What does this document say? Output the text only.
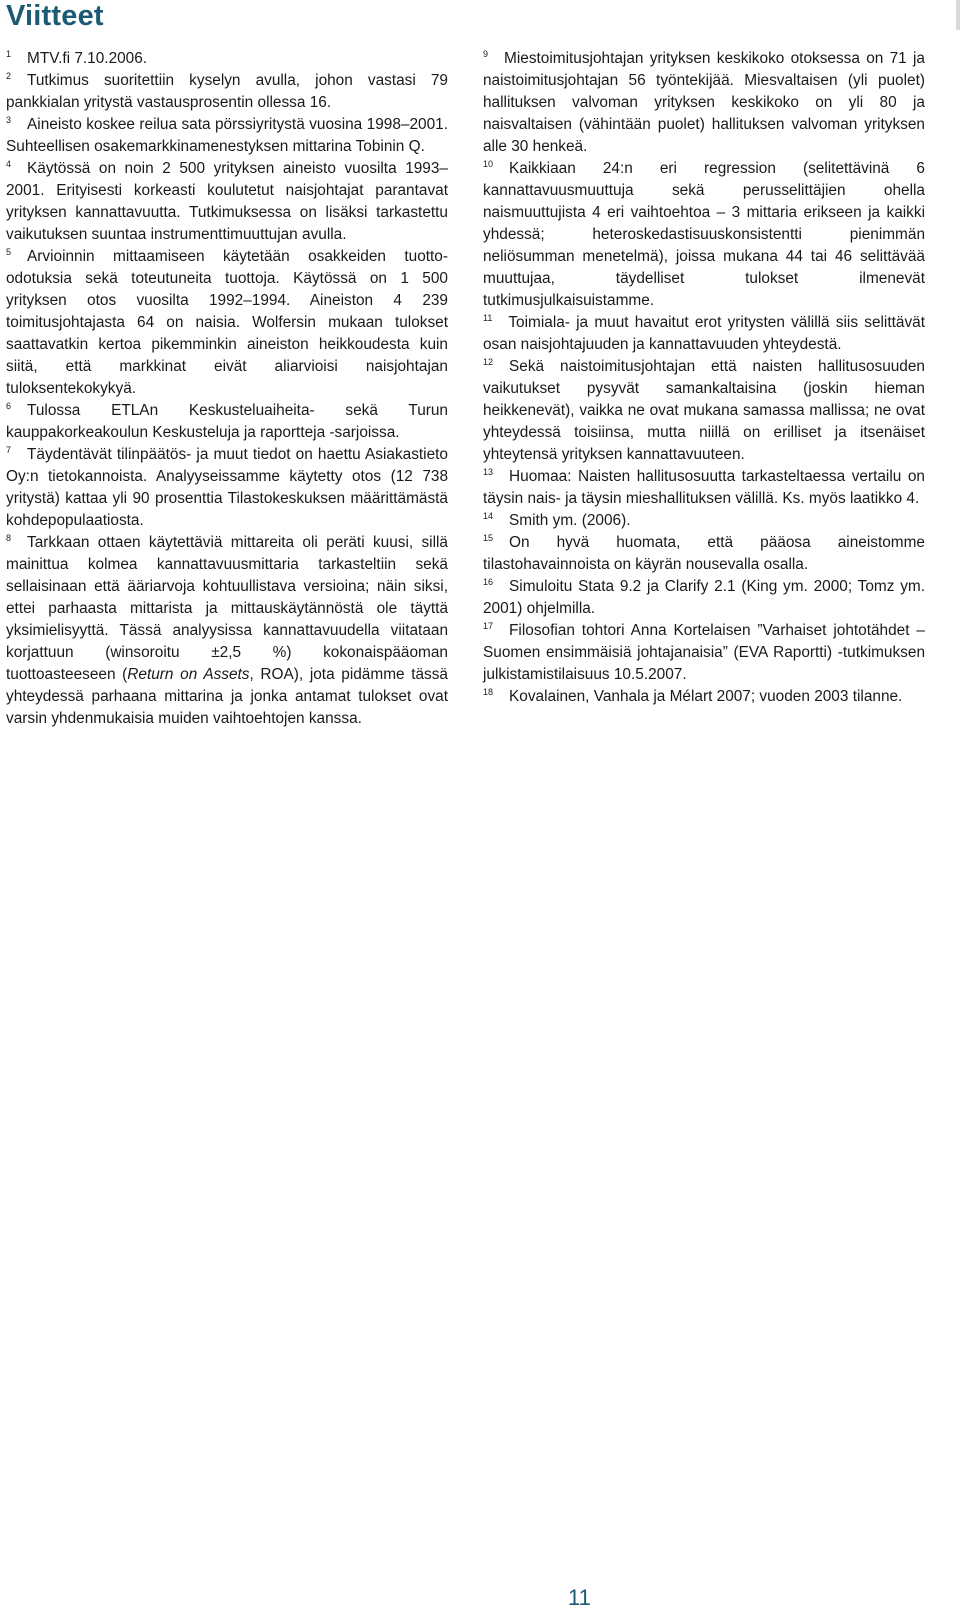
Viitteet

$^1$ MTV.fi 7.10.2006.

$^2$ Tutkimus suoritettiin kyselyn avulla, johon vastasi 79 pankkialan yritystä vastausprosentin ollessa 16.

$^3$ Aineisto koskee reilua sata pörssiyritystä vuosina 1998–2001. Suhteellisen osakemarkkinamenestyksen mittarina Tobinin Q.

$^4$ Käytössä on noin 2 500 yrityksen aineisto vuosilta 1993–2001. Erityisesti korkeasti koulutetut naisjohtajat parantavat yrityksen kannattavuutta. Tutkimuksessa on lisäksi tarkastettu vaikutuksen suuntaa instrumenttimuuttujan avulla.

$^5$ Arvioinnin mittaamiseen käytetään osakkeiden tuotto-odotuksia sekä toteutuneita tuottoja. Käytössä on 1 500 yrityksen otos vuosilta 1992–1994. Aineiston 4 239 toimitusjohtajasta 64 on naisia. Wolfersin mukaan tulokset saattavatkin kertoa pikemminkin aineiston heikkoudesta kuin siitä, että markkinat eivät aliarvioisi naisjohtajan tuloksentekokykyä.

$^6$ Tulossa ETLAn Keskusteluaiheita- sekä Turun kauppakorkeakoulun Keskusteluja ja raportteja -sarjoissa.

$^7$ Täydentävät tilinpäätös- ja muut tiedot on haettu Asiakastieto Oy:n tietokannoista. Analyyseissamme käytetty otos (12 738 yritystä) kattaa yli 90 prosenttia Tilastokeskuksen määrittämästä kohdepopulaatiosta.

$^8$ Tarkkaan ottaen käytettäviä mittareita oli peräti kuusi, sillä mainittua kolmea kannattavuusmittaria tarkasteltiin sekä sellaisinaan että ääriarvoja kohtuullistava versioina; näin siksi, ettei parhaasta mittarista ja mittauskäytännöstä ole täyttä yksimielisyyttä. Tässä analyysissa kannattavuudella viitataan korjattuun (winsoroitu ±2,5 %) kokonaispääoman tuottoasteeseen (Return on Assets, ROA), jota pidämme tässä yhteydessä parhaana mittarina ja jonka antamat tulokset ovat varsin yhdenmukaisia muiden vaihtoehtojen kanssa.

$^9$ Miestoimitusjohtajan yrityksen keskikoko otoksessa on 71 ja naistoimitusjohtajan 56 työntekijää. Miesvaltaisen (yli puolet) hallituksen valvoman yrityksen keskikoko on yli 80 ja naisvaltaisen (vähintään puolet) hallituksen valvoman yrityksen alle 30 henkeä.

$^{10}$ Kaikkiaan 24:n eri regression (selitettävinä 6 kannattavuusmuuttuja sekä perusselittäjien ohella naismuuttujista 4 eri vaihtoehtoa – 3 mittaria erikseen ja kaikki yhdessä; heteroskedastisuuskonsistentti pienimmän neliösumman menetelmä), joissa mukana 44 tai 46 selittävää muuttujaa, täydelliset tulokset ilmenevät tutkimusjulkaisuistamme.

$^{11}$ Toimiala- ja muut havaitut erot yritysten välillä siis selittävät osan naisjohtajuuden ja kannattavuuden yhteydestä.

$^{12}$ Sekä naistoimitusjohtajan että naisten hallitusosuuden vaikutukset pysyvät samankaltaisina (joskin hieman heikkenevät), vaikka ne ovat mukana samassa mallissa; ne ovat yhteydessä toisiinsa, mutta niillä on erilliset ja itsenäiset yhteytensä yrityksen kannattavuuteen.

$^{13}$ Huomaa: Naisten hallitusosuutta tarkasteltaessa vertailu on täysin nais- ja täysin mieshallituksen välillä. Ks. myös laatikko 4.

$^{14}$ Smith ym. (2006).

$^{15}$ On hyvä huomata, että pääosa aineistomme tilastohavainnoista on käyrän nousevalla osalla.

$^{16}$ Simuloitu Stata 9.2 ja Clarify 2.1 (King ym. 2000; Tomz ym. 2001) ohjelmilla.

$^{17}$ Filosofian tohtori Anna Kortelaisen ”Varhaiset johtotähdet – Suomen ensimmäisiä johtajanaisia” (EVA Raportti) -tutkimuksen julkistamistilaisuus 10.5.2007.

$^{18}$ Kovalainen, Vanhala ja Mélart 2007; vuoden 2003 tilanne.

11
